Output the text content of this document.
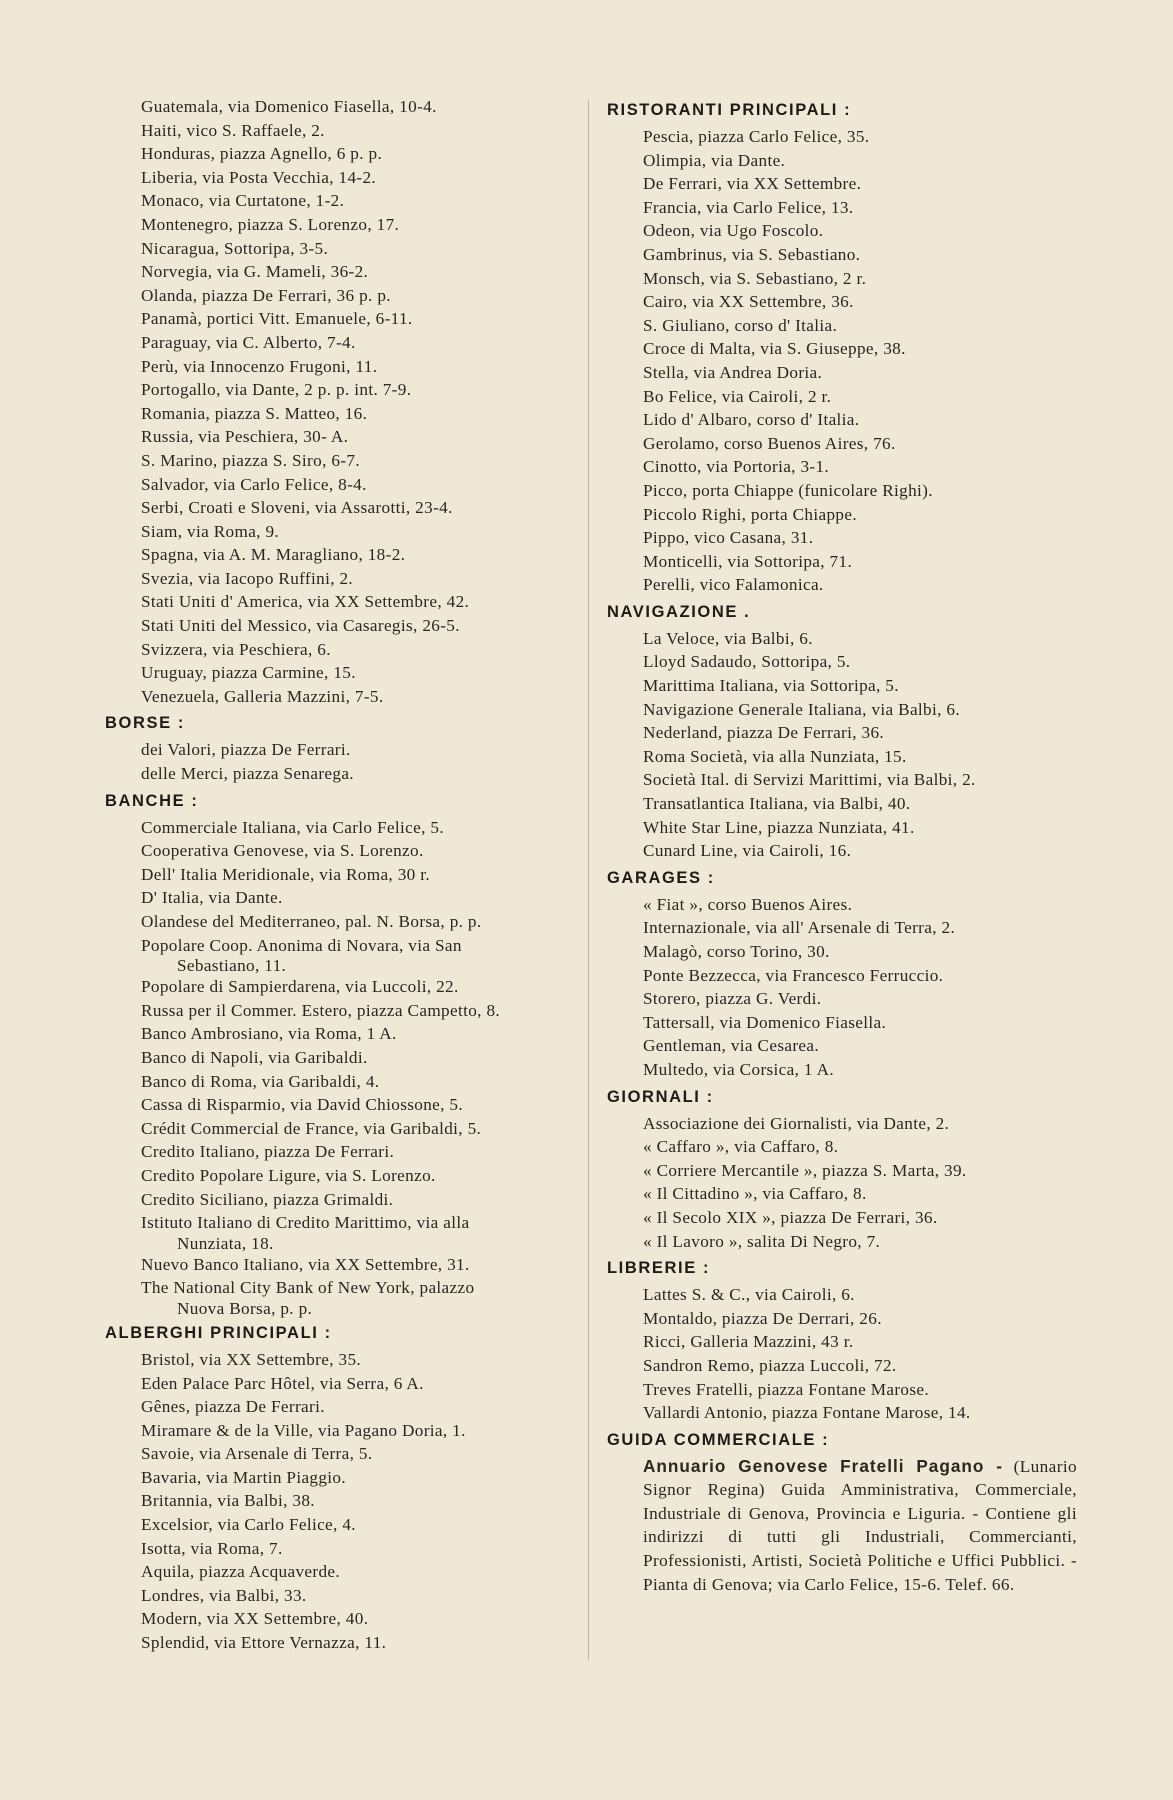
Guatemala, via Domenico Fiasella, 10-4.
Haiti, vico S. Raffaele, 2.
Honduras, piazza Agnello, 6 p. p.
Liberia, via Posta Vecchia, 14-2.
Monaco, via Curtatone, 1-2.
Montenegro, piazza S. Lorenzo, 17.
Nicaragua, Sottoripa, 3-5.
Norvegia, via G. Mameli, 36-2.
Olanda, piazza De Ferrari, 36 p. p.
Panamà, portici Vitt. Emanuele, 6-11.
Paraguay, via C. Alberto, 7-4.
Perù, via Innocenzo Frugoni, 11.
Portogallo, via Dante, 2 p. p. int. 7-9.
Romania, piazza S. Matteo, 16.
Russia, via Peschiera, 30- A.
S. Marino, piazza S. Siro, 6-7.
Salvador, via Carlo Felice, 8-4.
Serbi, Croati e Sloveni, via Assarotti, 23-4.
Siam, via Roma, 9.
Spagna, via A. M. Maragliano, 18-2.
Svezia, via Iacopo Ruffini, 2.
Stati Uniti d' America, via XX Settembre, 42.
Stati Uniti del Messico, via Casaregis, 26-5.
Svizzera, via Peschiera, 6.
Uruguay, piazza Carmine, 15.
Venezuela, Galleria Mazzini, 7-5.
BORSE :
dei Valori, piazza De Ferrari.
delle Merci, piazza Senarega.
BANCHE :
Commerciale Italiana, via Carlo Felice, 5.
Cooperativa Genovese, via S. Lorenzo.
Dell' Italia Meridionale, via Roma, 30 r.
D' Italia, via Dante.
Olandese del Mediterraneo, pal. N. Borsa, p. p.
Popolare Coop. Anonima di Novara, via San
Sebastiano, 11.
Popolare di Sampierdarena, via Luccoli, 22.
Russa per il Commer. Estero, piazza Campetto, 8.
Banco Ambrosiano, via Roma, 1 A.
Banco di Napoli, via Garibaldi.
Banco di Roma, via Garibaldi, 4.
Cassa di Risparmio, via David Chiossone, 5.
Crédit Commercial de France, via Garibaldi, 5.
Credito Italiano, piazza De Ferrari.
Credito Popolare Ligure, via S. Lorenzo.
Credito Siciliano, piazza Grimaldi.
Istituto Italiano di Credito Marittimo, via alla
Nunziata, 18.
Nuevo Banco Italiano, via XX Settembre, 31.
The National City Bank of New York, palazzo
Nuova Borsa, p. p.
ALBERGHI PRINCIPALI :
Bristol, via XX Settembre, 35.
Eden Palace Parc Hôtel, via Serra, 6 A.
Gênes, piazza De Ferrari.
Miramare & de la Ville, via Pagano Doria, 1.
Savoie, via Arsenale di Terra, 5.
Bavaria, via Martin Piaggio.
Britannia, via Balbi, 38.
Excelsior, via Carlo Felice, 4.
Isotta, via Roma, 7.
Aquila, piazza Acquaverde.
Londres, via Balbi, 33.
Modern, via XX Settembre, 40.
Splendid, via Ettore Vernazza, 11.
RISTORANTI PRINCIPALI :
Pescia, piazza Carlo Felice, 35.
Olimpia, via Dante.
De Ferrari, via XX Settembre.
Francia, via Carlo Felice, 13.
Odeon, via Ugo Foscolo.
Gambrinus, via S. Sebastiano.
Monsch, via S. Sebastiano, 2 r.
Cairo, via XX Settembre, 36.
S. Giuliano, corso d' Italia.
Croce di Malta, via S. Giuseppe, 38.
Stella, via Andrea Doria.
Bo Felice, via Cairoli, 2 r.
Lido d' Albaro, corso d' Italia.
Gerolamo, corso Buenos Aires, 76.
Cinotto, via Portoria, 3-1.
Picco, porta Chiappe (funicolare Righi).
Piccolo Righi, porta Chiappe.
Pippo, vico Casana, 31.
Monticelli, via Sottoripa, 71.
Perelli, vico Falamonica.
NAVIGAZIONE .
La Veloce, via Balbi, 6.
Lloyd Sadaudo, Sottoripa, 5.
Marittima Italiana, via Sottoripa, 5.
Navigazione Generale Italiana, via Balbi, 6.
Nederland, piazza De Ferrari, 36.
Roma Società, via alla Nunziata, 15.
Società Ital. di Servizi Marittimi, via Balbi, 2.
Transatlantica Italiana, via Balbi, 40.
White Star Line, piazza Nunziata, 41.
Cunard Line, via Cairoli, 16.
GARAGES :
« Fiat », corso Buenos Aires.
Internazionale, via all' Arsenale di Terra, 2.
Malagò, corso Torino, 30.
Ponte Bezzecca, via Francesco Ferruccio.
Storero, piazza G. Verdi.
Tattersall, via Domenico Fiasella.
Gentleman, via Cesarea.
Multedo, via Corsica, 1 A.
GIORNALI :
Associazione dei Giornalisti, via Dante, 2.
« Caffaro », via Caffaro, 8.
« Corriere Mercantile », piazza S. Marta, 39.
« Il Cittadino », via Caffaro, 8.
« Il Secolo XIX », piazza De Ferrari, 36.
« Il Lavoro », salita Di Negro, 7.
LIBRERIE :
Lattes S. & C., via Cairoli, 6.
Montaldo, piazza De Derrari, 26.
Ricci, Galleria Mazzini, 43 r.
Sandron Remo, piazza Luccoli, 72.
Treves Fratelli, piazza Fontane Marose.
Vallardi Antonio, piazza Fontane Marose, 14.
GUIDA COMMERCIALE :
Annuario Genovese Fratelli Pagano - (Lunario Signor Regina) Guida Amministrativa, Commerciale, Industriale di Genova, Provincia e Liguria. - Contiene gli indirizzi di tutti gli Industriali, Commercianti, Professionisti, Artisti, Società Politiche e Uffici Pubblici. - Pianta di Genova; via Carlo Felice, 15-6. Telef. 66.
